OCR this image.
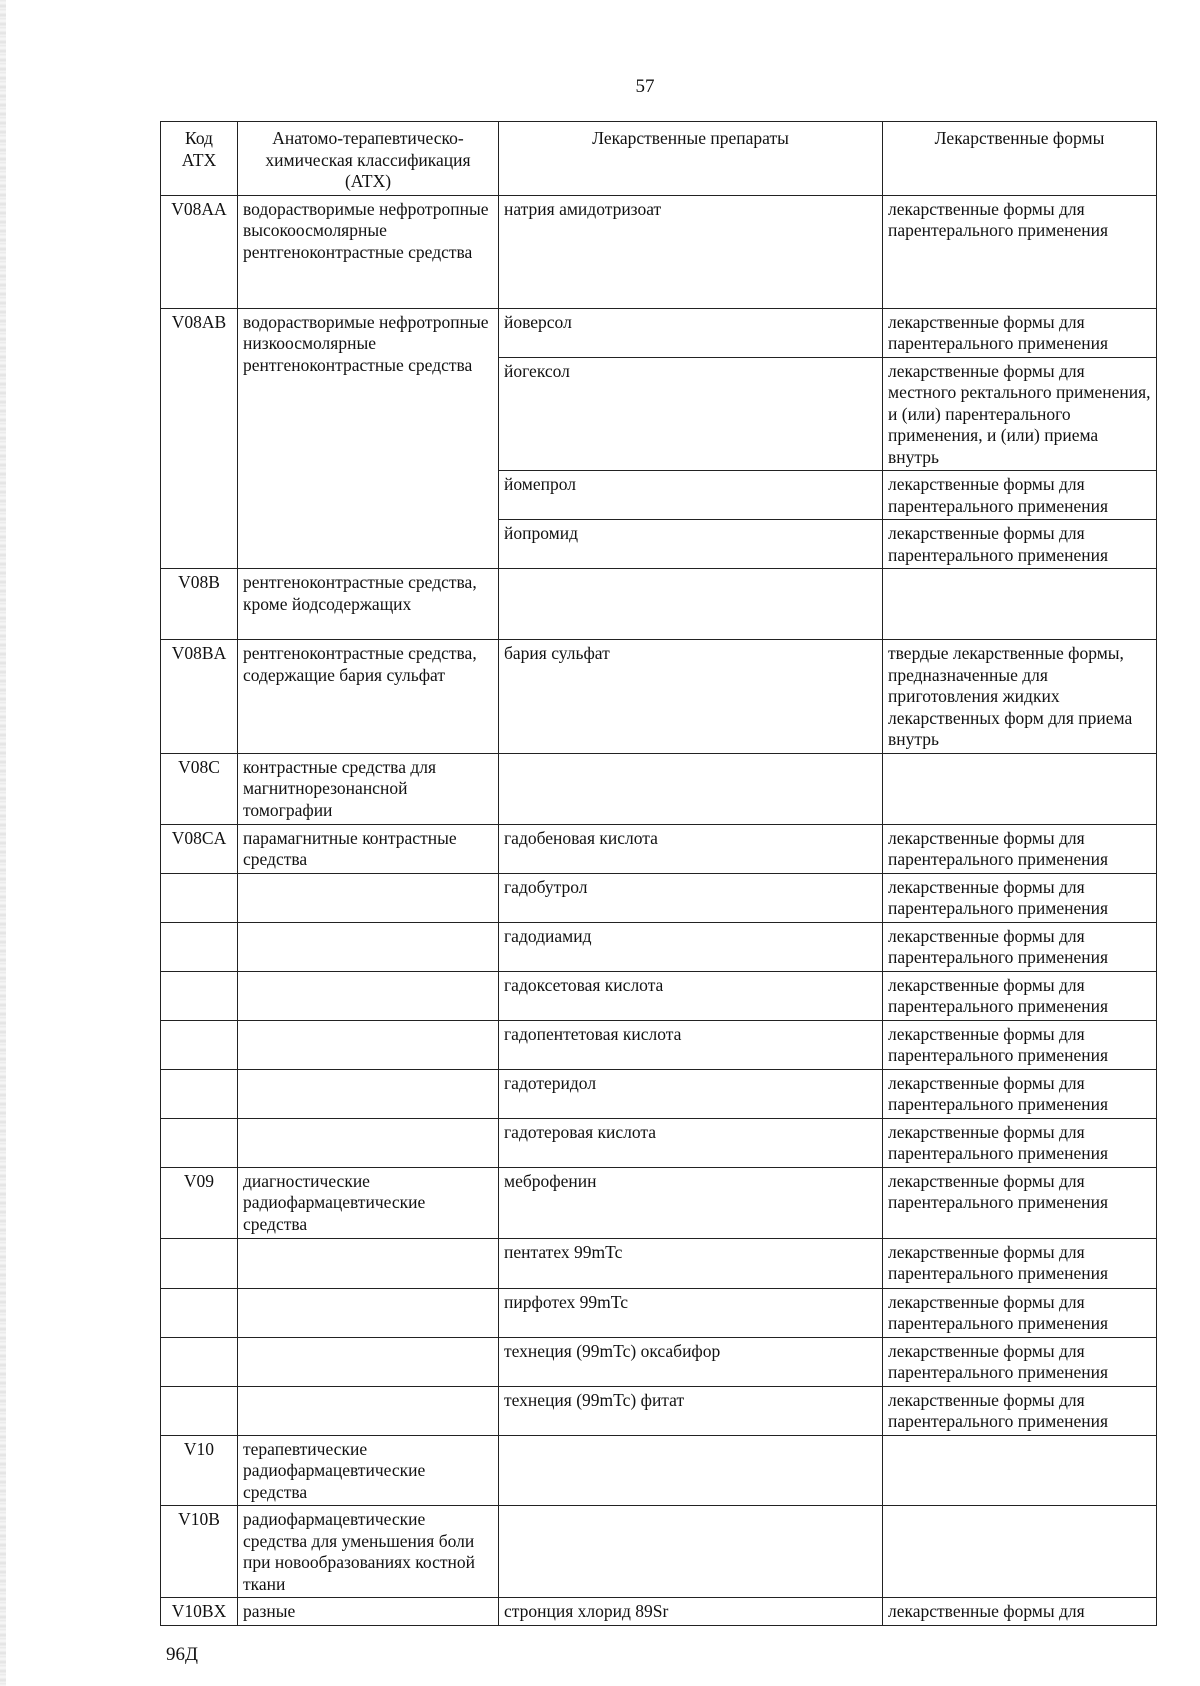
57
Код АТХ	Анатомо-терапевтическо-химическая классификация (АТХ)	Лекарственные препараты	Лекарственные формы
V08AA	водорастворимые нефротропные высокоосмолярные рентгеноконтрастные средства	натрия амидотризоат	лекарственные формы для парентерального применения
V08AB	водорастворимые нефротропные низкоосмолярные рентгеноконтрастные средства	йоверсол	лекарственные формы для парентерального применения
		йогексол	лекарственные формы для местного ректального применения, и (или) парентерального применения, и (или) приема внутрь
		йомепрол	лекарственные формы для парентерального применения
		йопромид	лекарственные формы для парентерального применения
V08B	рентгеноконтрастные средства, кроме йодсодержащих		
V08BA	рентгеноконтрастные средства, содержащие бария сульфат	бария сульфат	твердые лекарственные формы, предназначенные для приготовления жидких лекарственных форм для приема внутрь
V08C	контрастные средства для магнитнорезонансной томографии		
V08CA	парамагнитные контрастные средства	гадобеновая кислота	лекарственные формы для парентерального применения
		гадобутрол	лекарственные формы для парентерального применения
		гадодиамид	лекарственные формы для парентерального применения
		гадоксетовая кислота	лекарственные формы для парентерального применения
		гадопентетовая кислота	лекарственные формы для парентерального применения
		гадотеридол	лекарственные формы для парентерального применения
		гадотеровая кислота	лекарственные формы для парентерального применения
V09	диагностические радиофармацевтические средства	меброфенин	лекарственные формы для парентерального применения
		пентатех 99mTc	лекарственные формы для парентерального применения
		пирфотех 99mTc	лекарственные формы для парентерального применения
		технеция (99mTc) оксабифор	лекарственные формы для парентерального применения
		технеция (99mTc) фитат	лекарственные формы для парентерального применения
V10	терапевтические радиофармацевтические средства		
V10B	радиофармацевтические средства для уменьшения боли при новообразованиях костной ткани		
V10BX	разные	стронция хлорид 89Sr	лекарственные формы для
96Д
